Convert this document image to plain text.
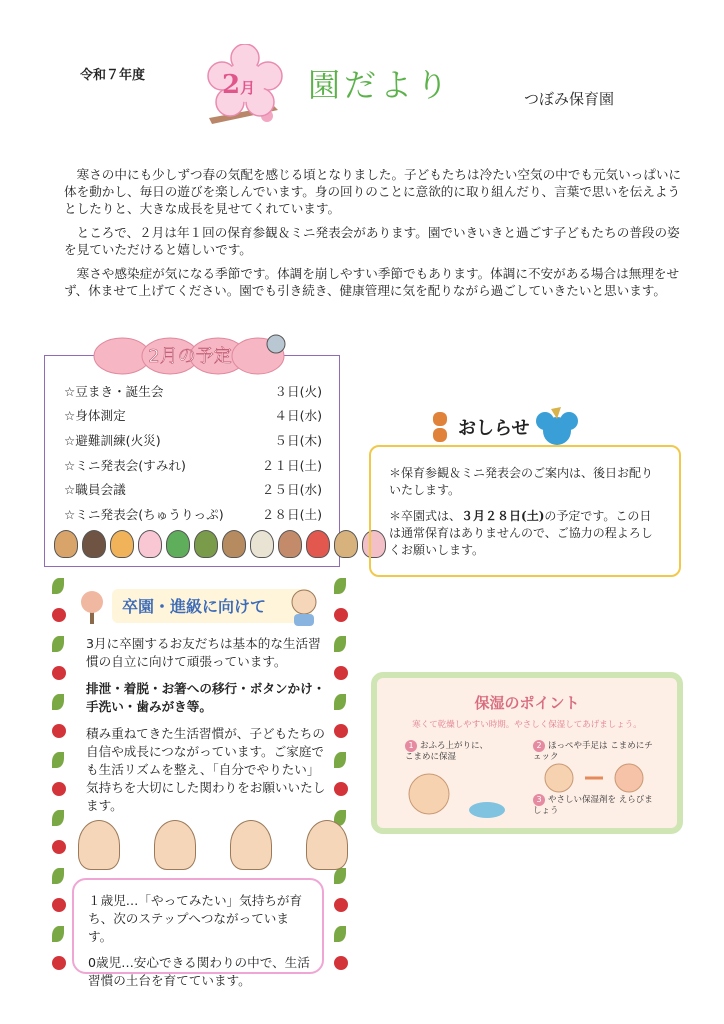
令和７年度	2月 園だより	つぼみ保育園

寒さの中にも少しずつ春の気配を感じる頃となりました。子どもたちは冷たい空気の中でも元気いっぱいに体を動かし、毎日の遊びを楽しんでいます。身の回りのことに意欲的に取り組んだり、言葉で思いを伝えようとしたりと、大きな成長を見せてくれています。

ところで、２月は年１回の保育参観＆ミニ発表会があります。園でいきいきと過ごす子どもたちの普段の姿を見ていただけると嬉しいです。

寒さや感染症が気になる季節です。体調を崩しやすい季節でもあります。体調に不安がある場合は無理をせず、休ませて上げてください。園でも引き続き、健康管理に気を配りながら過ごしていきたいと思います。

2月の予定
☆豆まき・誕生会	３日(火)
☆身体測定	４日(水)
☆避難訓練(火災)	５日(木)
☆ミニ発表会(すみれ)	２１日(土)
☆職員会議	２５日(水)
☆ミニ発表会(ちゅうりっぷ)	２８日(土)
おしらせ

＊保育参観＆ミニ発表会のご案内は、後日お配りいたします。

＊卒園式は、３月２８日(土)の予定です。この日は通常保育はありませんので、ご協力の程よろしくお願いします。

保湿のポイント
寒くて乾燥しやすい時期。やさしく保湿してあげましょう。
1 おふろ上がりに、こまめに保湿
2 ほっぺや手足は こまめにチェック
3 やさしい保湿剤を えらびましょう
卒園・進級に向けて

3月に卒園するお友だちは基本的な生活習慣の自立に向けて頑張っています。

排泄・着脱・お箸への移行・ボタンかけ・手洗い・歯みがき等。

積み重ねてきた生活習慣が、子どもたちの自信や成長につながっています。ご家庭でも生活リズムを整え、「自分でやりたい」気持ちを大切にした関わりをお願いいたします。

１歳児…「やってみたい」気持ちが育ち、次のステップへつながっています。

0歳児…安心できる関わりの中で、生活習慣の土台を育てています。
